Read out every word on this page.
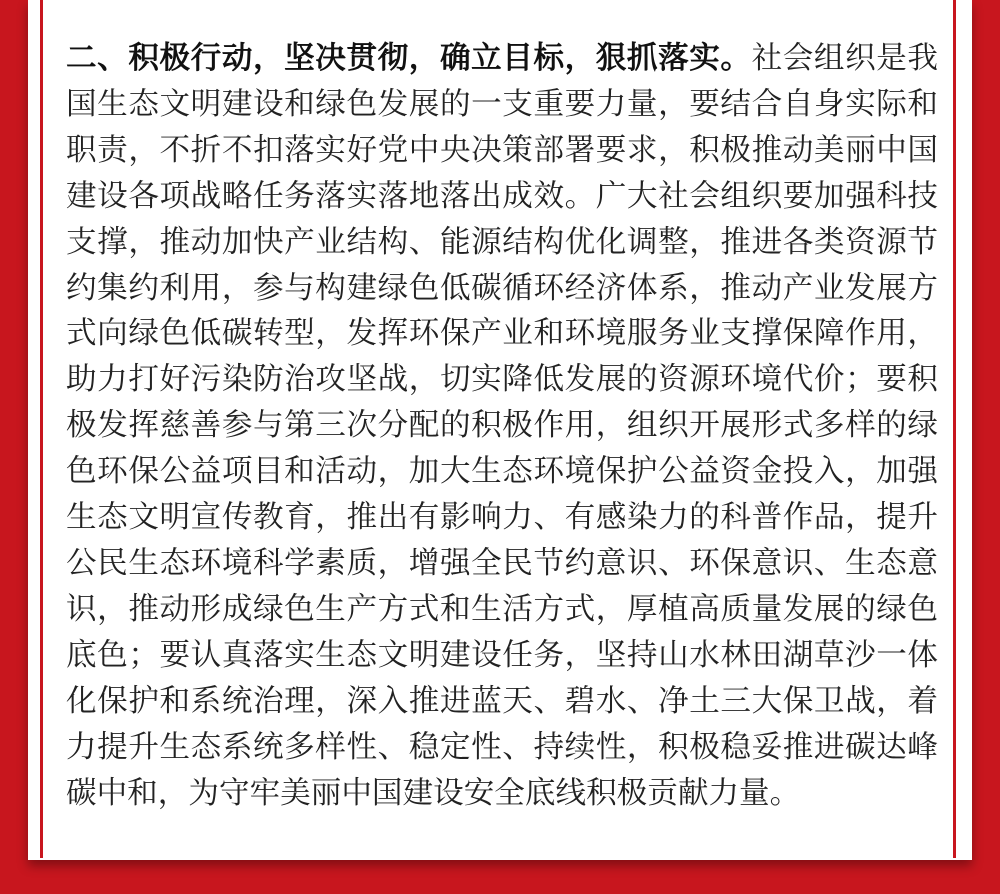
二、积极行动，坚决贯彻，确立目标，狠抓落实。社会组织是我国生态文明建设和绿色发展的一支重要力量，要结合自身实际和职责，不折不扣落实好党中央决策部署要求，积极推动美丽中国建设各项战略任务落实落地落出成效。广大社会组织要加强科技支撑，推动加快产业结构、能源结构优化调整，推进各类资源节约集约利用，参与构建绿色低碳循环经济体系，推动产业发展方式向绿色低碳转型，发挥环保产业和环境服务业支撑保障作用，助力打好污染防治攻坚战，切实降低发展的资源环境代价；要积极发挥慈善参与第三次分配的积极作用，组织开展形式多样的绿色环保公益项目和活动，加大生态环境保护公益资金投入，加强生态文明宣传教育，推出有影响力、有感染力的科普作品，提升公民生态环境科学素质，增强全民节约意识、环保意识、生态意识，推动形成绿色生产方式和生活方式，厚植高质量发展的绿色底色；要认真落实生态文明建设任务，坚持山水林田湖草沙一体化保护和系统治理，深入推进蓝天、碧水、净土三大保卫战，着力提升生态系统多样性、稳定性、持续性，积极稳妥推进碳达峰碳中和，为守牢美丽中国建设安全底线积极贡献力量。
